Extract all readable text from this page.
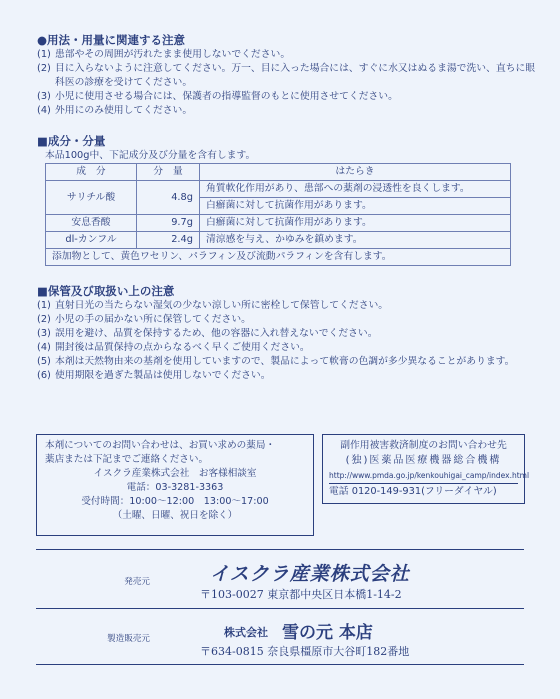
●用法・用量に関連する注意
(1) 患部やその周囲が汚れたまま使用しないでください。
(2) 目に入らないように注意してください。万一、目に入った場合には、すぐに水又はぬるま湯で洗い、直ちに眼科医の診療を受けてください。
(3) 小児に使用させる場合には、保護者の指導監督のもとに使用させてください。
(4) 外用にのみ使用してください。
■成分・分量
本品100g中、下記成分及び分量を含有します。
成　分	分　量	はたらき
サリチル酸	4.8g	角質軟化作用があり、患部への薬剤の浸透性を良くします。
		白癬菌に対して抗菌作用があります。
安息香酸	9.7g	白癬菌に対して抗菌作用があります。
dl-カンフル	2.4g	清涼感を与え、かゆみを鎮めます。
添加物として、黄色ワセリン、パラフィン及び流動パラフィンを含有します。		
■保管及び取扱い上の注意
(1) 直射日光の当たらない湿気の少ない涼しい所に密栓して保管してください。
(2) 小児の手の届かない所に保管してください。
(3) 誤用を避け、品質を保持するため、他の容器に入れ替えないでください。
(4) 開封後は品質保持の点からなるべく早くご使用ください。
(5) 本剤は天然物由来の基剤を使用していますので、製品によって軟膏の色調が多少異なることがあります。
(6) 使用期限を過ぎた製品は使用しないでください。
本剤についてのお問い合わせは、お買い求めの薬局・
薬店または下記までご連絡ください。
イスクラ産業株式会社　お客様相談室
電話：03-3281-3363
受付時間：10:00～12:00　13:00～17:00
（土曜、日曜、祝日を除く）
副作用被害救済制度のお問い合わせ先
(独)医薬品医療機器総合機構
http://www.pmda.go.jp/kenkouhigai_camp/index.html
電話 0120-149-931(フリーダイヤル)
発売元	イスクラ産業株式会社
〒103-0027 東京都中央区日本橋1-14-2
製造販売元	株式会社 雪の元 本店
〒634-0815 奈良県橿原市大谷町182番地
